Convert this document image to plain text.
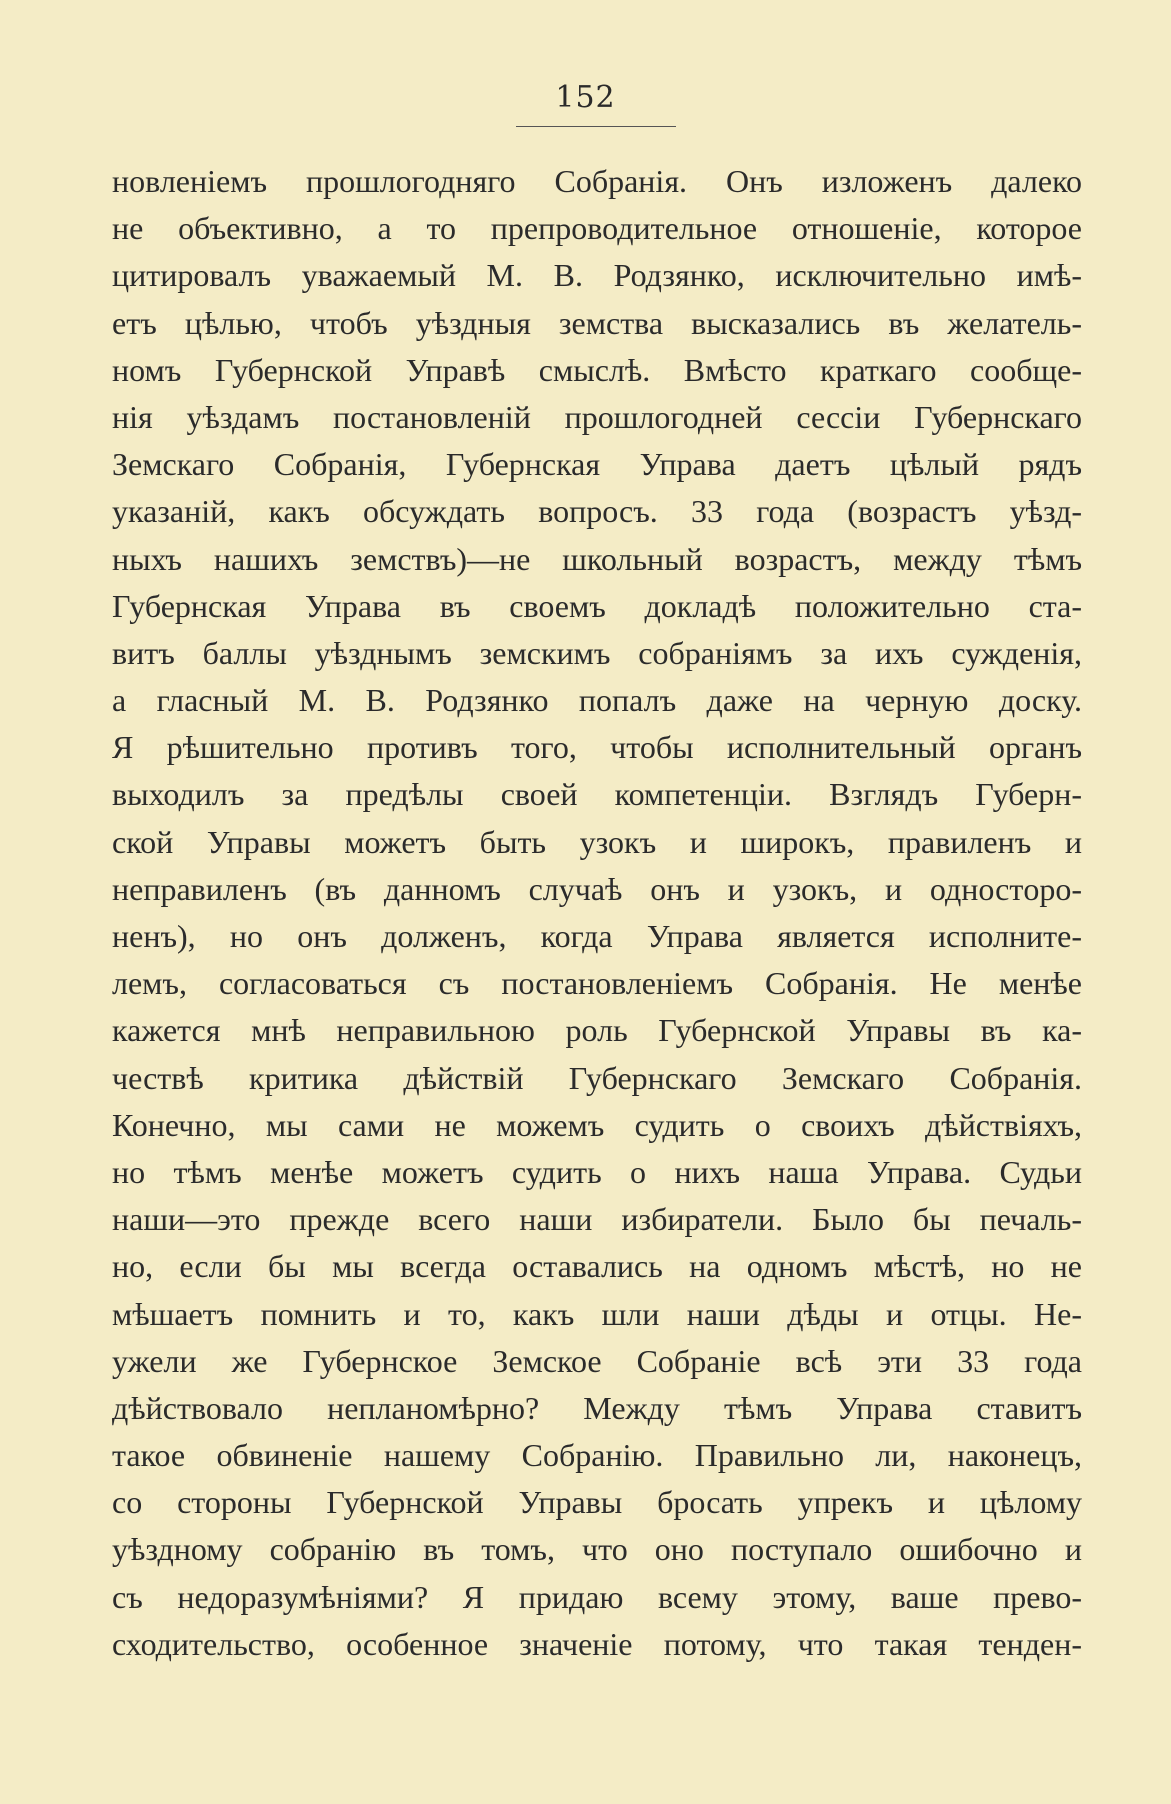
152
новленіемъ прошлогодняго Собранія. Онъ изложенъ далеко
не объективно, а то препроводительное отношеніе, которое
цитировалъ уважаемый М. В. Родзянко, исключительно имѣ-
етъ цѣлью, чтобъ уѣздныя земства высказались въ желатель-
номъ Губернской Управѣ смыслѣ. Вмѣсто краткаго сообще-
нія уѣздамъ постановленій прошлогодней сессіи Губернскаго
Земскаго Собранія, Губернская Управа даетъ цѣлый рядъ
указаній, какъ обсуждать вопросъ. 33 года (возрастъ уѣзд-
ныхъ нашихъ земствъ)—не школьный возрастъ, между тѣмъ
Губернская Управа въ своемъ докладѣ положительно ста-
витъ баллы уѣзднымъ земскимъ собраніямъ за ихъ сужденія,
а гласный М. В. Родзянко попалъ даже на черную доску.
Я рѣшительно противъ того, чтобы исполнительный органъ
выходилъ за предѣлы своей компетенціи. Взглядъ Губерн-
ской Управы можетъ быть узокъ и широкъ, правиленъ и
неправиленъ (въ данномъ случаѣ онъ и узокъ, и одностoро-
ненъ), но онъ долженъ, когда Управа является исполните-
лемъ, согласоваться съ постановленіемъ Собранія. Не менѣе
кажется мнѣ неправильною роль Губернской Управы въ ка-
чествѣ критика дѣйствій Губернскаго Земскаго Собранія.
Конечно, мы сами не можемъ судить о своихъ дѣйствіяхъ,
но тѣмъ менѣе можетъ судить о нихъ наша Управа. Судьи
наши—это прежде всего наши избиратели. Было бы печаль-
но, если бы мы всегда оставались на одномъ мѣстѣ, но не
мѣшаетъ помнить и то, какъ шли наши дѣды и отцы. Не-
ужели же Губернское Земское Собраніе всѣ эти 33 года
дѣйствовало непланомѣрно? Между тѣмъ Управа ставитъ
такое обвиненіе нашему Собранію. Правильно ли, наконецъ,
со стороны Губернской Управы бросать упрекъ и цѣлому
уѣздному собранію въ томъ, что оно поступало ошибочно и
съ недоразумѣніями? Я придаю всему этому, ваше прево-
сходительство, особенное значеніе потому, что такая тенден-
